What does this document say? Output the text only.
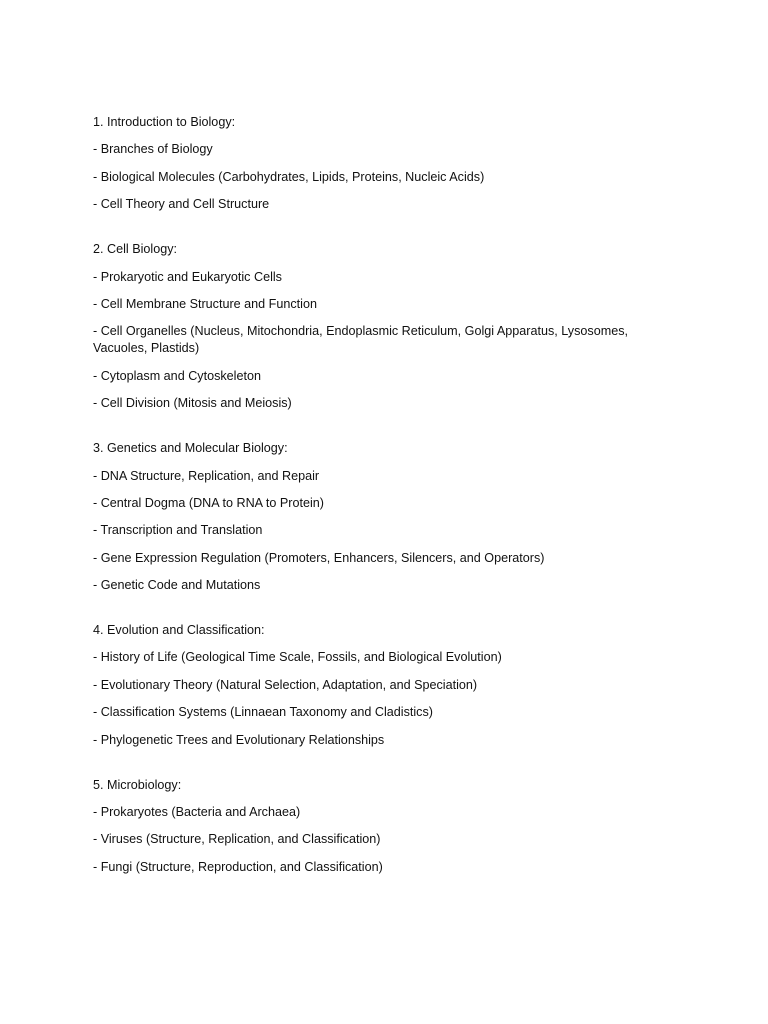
1. Introduction to Biology:
- Branches of Biology
- Biological Molecules (Carbohydrates, Lipids, Proteins, Nucleic Acids)
- Cell Theory and Cell Structure
2. Cell Biology:
- Prokaryotic and Eukaryotic Cells
- Cell Membrane Structure and Function
- Cell Organelles (Nucleus, Mitochondria, Endoplasmic Reticulum, Golgi Apparatus, Lysosomes, Vacuoles, Plastids)
- Cytoplasm and Cytoskeleton
- Cell Division (Mitosis and Meiosis)
3. Genetics and Molecular Biology:
- DNA Structure, Replication, and Repair
- Central Dogma (DNA to RNA to Protein)
- Transcription and Translation
- Gene Expression Regulation (Promoters, Enhancers, Silencers, and Operators)
- Genetic Code and Mutations
4. Evolution and Classification:
- History of Life (Geological Time Scale, Fossils, and Biological Evolution)
- Evolutionary Theory (Natural Selection, Adaptation, and Speciation)
- Classification Systems (Linnaean Taxonomy and Cladistics)
- Phylogenetic Trees and Evolutionary Relationships
5. Microbiology:
- Prokaryotes (Bacteria and Archaea)
- Viruses (Structure, Replication, and Classification)
- Fungi (Structure, Reproduction, and Classification)
